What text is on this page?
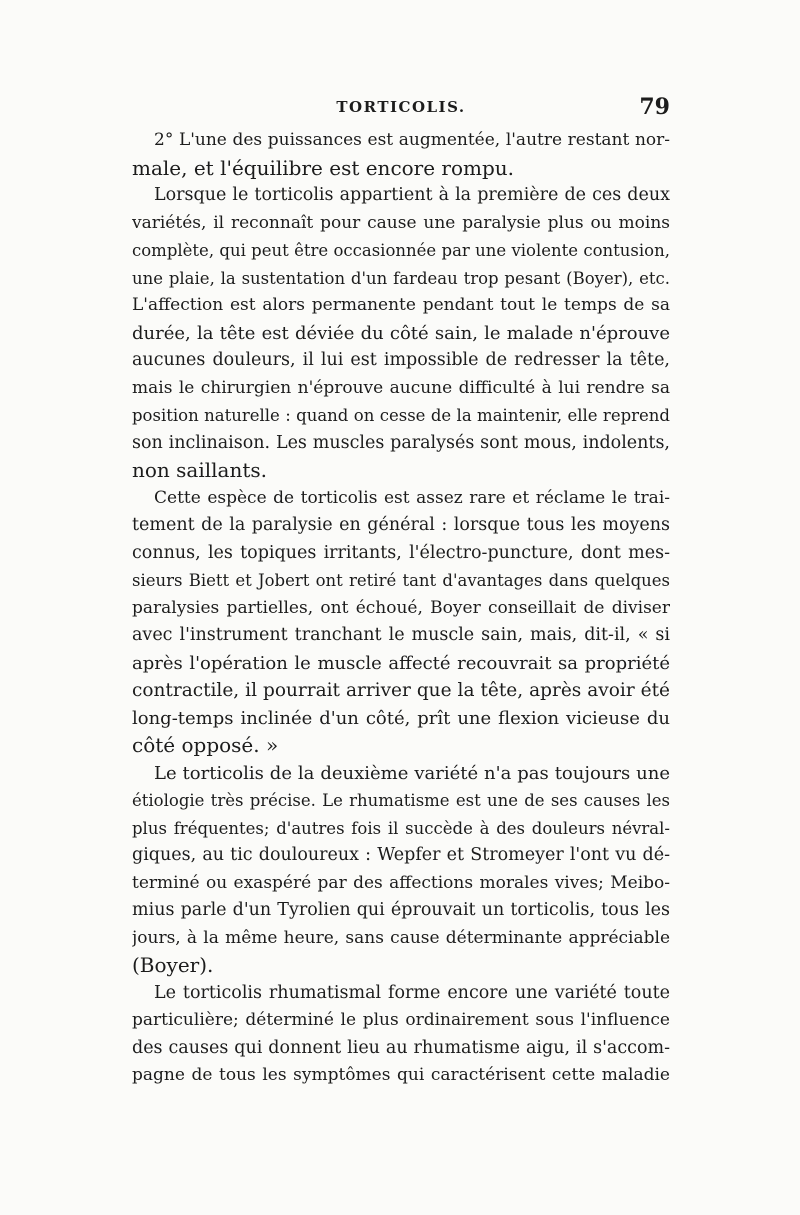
TORTICOLIS.	79

2° L'une des puissances est augmentée, l'autre restant nor-
male, et l'équilibre est encore rompu.

Lorsque le torticolis appartient à la première de ces deux
variétés, il reconnaît pour cause une paralysie plus ou moins
complète, qui peut être occasionnée par une violente contusion,
une plaie, la sustentation d'un fardeau trop pesant (Boyer), etc.
L'affection est alors permanente pendant tout le temps de sa
durée, la tête est déviée du côté sain, le malade n'éprouve
aucunes douleurs, il lui est impossible de redresser la tête,
mais le chirurgien n'éprouve aucune difficulté à lui rendre sa
position naturelle : quand on cesse de la maintenir, elle reprend
son inclinaison. Les muscles paralysés sont mous, indolents,
non saillants.

Cette espèce de torticolis est assez rare et réclame le trai-
tement de la paralysie en général : lorsque tous les moyens
connus, les topiques irritants, l'électro-puncture, dont mes-
sieurs Biett et Jobert ont retiré tant d'avantages dans quelques
paralysies partielles, ont échoué, Boyer conseillait de diviser
avec l'instrument tranchant le muscle sain, mais, dit-il, « si
après l'opération le muscle affecté recouvrait sa propriété
contractile, il pourrait arriver que la tête, après avoir été
long-temps inclinée d'un côté, prît une flexion vicieuse du
côté opposé. »

Le torticolis de la deuxième variété n'a pas toujours une
étiologie très précise. Le rhumatisme est une de ses causes les
plus fréquentes; d'autres fois il succède à des douleurs névral-
giques, au tic douloureux : Wepfer et Stromeyer l'ont vu dé-
terminé ou exaspéré par des affections morales vives; Meibo-
mius parle d'un Tyrolien qui éprouvait un torticolis, tous les
jours, à la même heure, sans cause déterminante appréciable
(Boyer).

Le torticolis rhumatismal forme encore une variété toute
particulière; déterminé le plus ordinairement sous l'influence
des causes qui donnent lieu au rhumatisme aigu, il s'accom-
pagne de tous les symptômes qui caractérisent cette maladie
